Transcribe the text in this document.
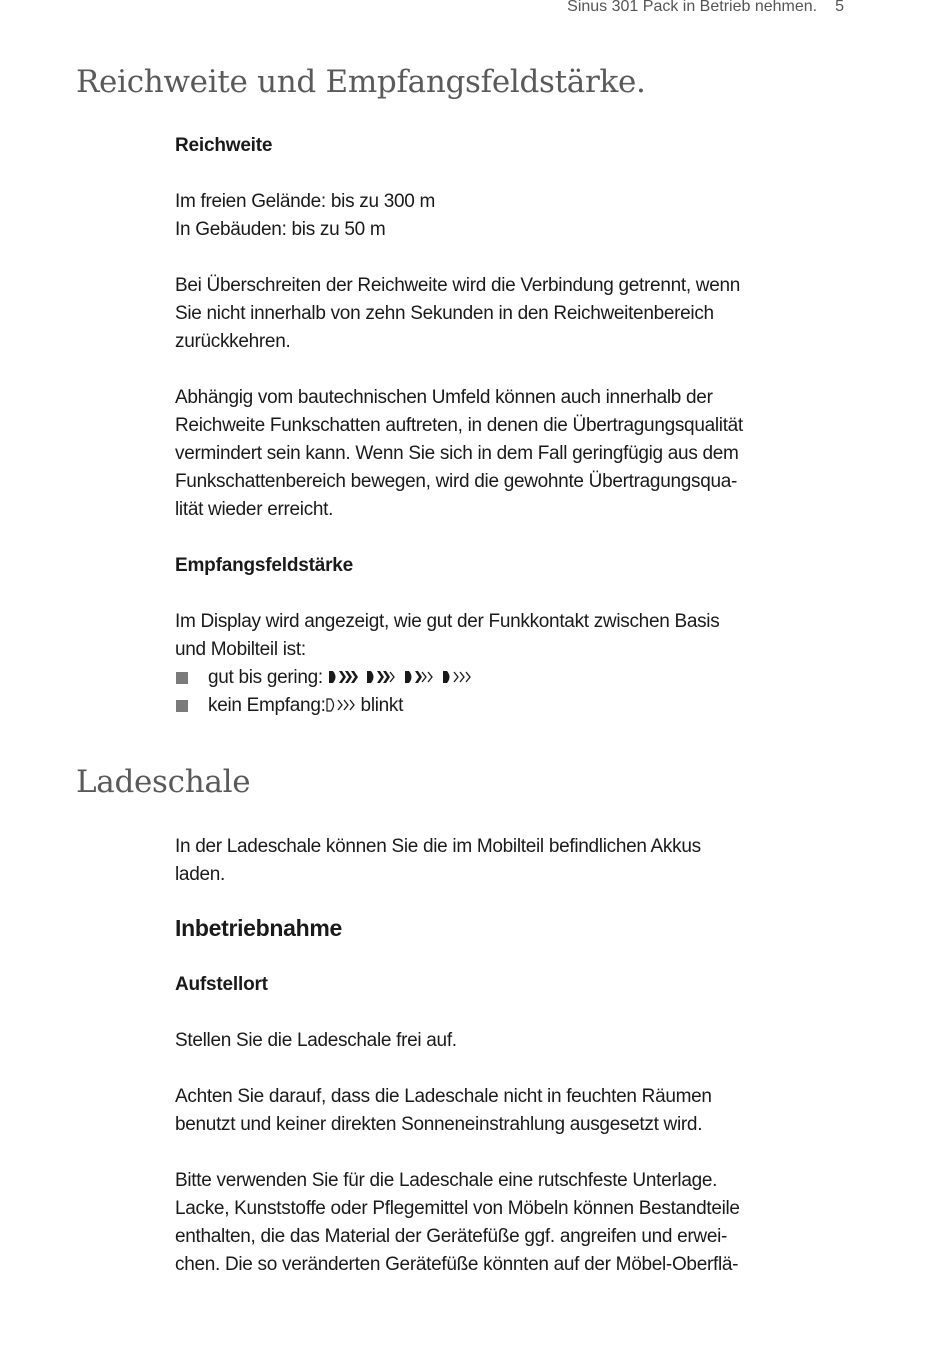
Sinus 301 Pack in Betrieb nehmen. 5
Reichweite und Empfangsfeldstärke.

Reichweite

Im freien Gelände: bis zu 300 m

In Gebäuden: bis zu 50 m

Bei Überschreiten der Reichweite wird die Verbindung getrennt, wenn
Sie nicht innerhalb von zehn Sekunden in den Reichweitenbereich
zurückkehren.

Abhängig vom bautechnischen Umfeld können auch innerhalb der
Reichweite Funkschatten auftreten, in denen die Übertragungsqualität
vermindert sein kann. Wenn Sie sich in dem Fall geringfügig aus dem
Funkschattenbereich bewegen, wird die gewohnte Übertragungsqua-
lität wieder erreicht.

Empfangsfeldstärke

Im Display wird angezeigt, wie gut der Funkkontakt zwischen Basis
und Mobilteil ist:

gut bis gering:
kein Empfang: blinkt
Ladeschale

In der Ladeschale können Sie die im Mobilteil befindlichen Akkus
laden.

Inbetriebnahme

Aufstellort

Stellen Sie die Ladeschale frei auf.

Achten Sie darauf, dass die Ladeschale nicht in feuchten Räumen
benutzt und keiner direkten Sonneneinstrahlung ausgesetzt wird.

Bitte verwenden Sie für die Ladeschale eine rutschfeste Unterlage.
Lacke, Kunststoffe oder Pflegemittel von Möbeln können Bestandteile
enthalten, die das Material der Gerätefüße ggf. angreifen und erwei-
chen. Die so veränderten Gerätefüße könnten auf der Möbel-Oberflä-
